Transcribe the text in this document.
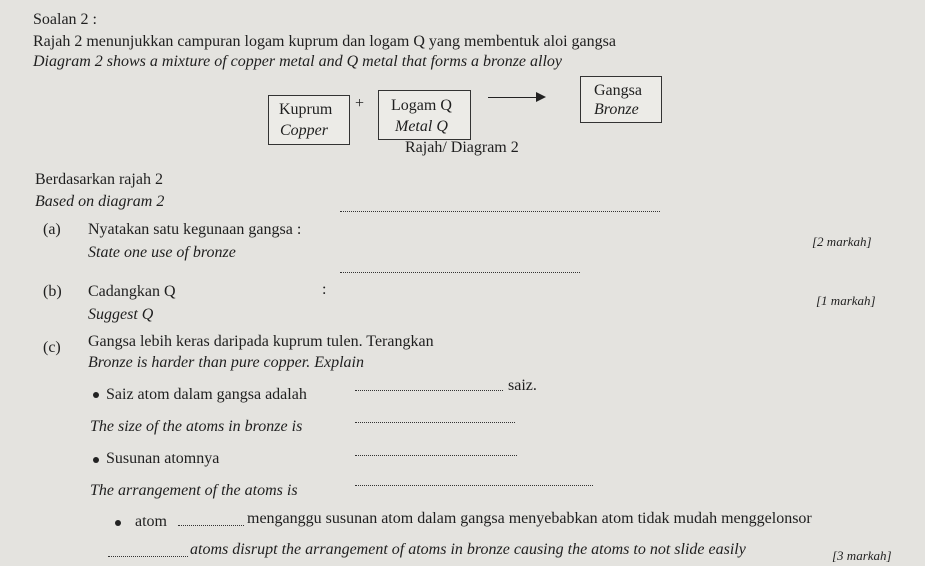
Soalan 2 :
Rajah 2 menunjukkan campuran logam kuprum dan logam Q yang membentuk aloi gangsa
Diagram 2 shows a mixture of copper metal and Q metal that forms a bronze alloy
Kuprum
Copper
+ Logam Q
Metal Q
Gangsa
Bronze
Rajah/ Diagram 2
Berdasarkan rajah 2
Based on diagram 2
(a) Nyatakan satu kegunaan gangsa :
State one use of bronze
[2 markah]
(b) Cadangkan Q	:
Suggest Q
[1 markah]
(c) Gangsa lebih keras daripada kuprum tulen. Terangkan
Bronze is harder than pure copper. Explain
Saiz atom dalam gangsa adalah
saiz.
The size of the atoms in bronze is
Susunan atomnya
The arrangement of the atoms is
atom	menganggu susunan atom dalam gangsa menyebabkan atom tidak mudah menggelonsor
atoms disrupt the arrangement of atoms in bronze causing the atoms to not slide easily	[3 markah]
